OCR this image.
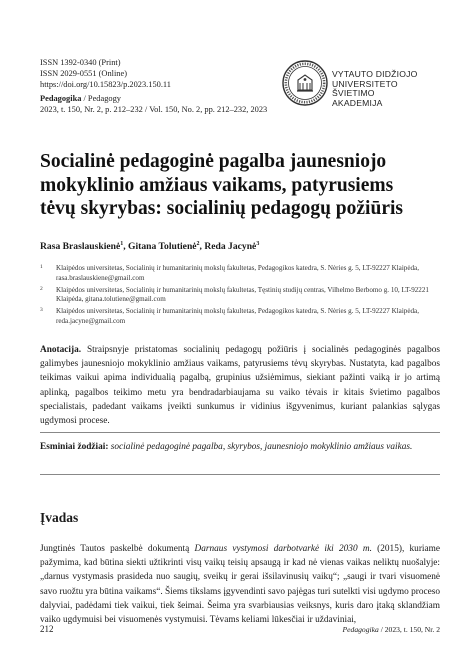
ISSN 1392-0340 (Print)
ISSN 2029-0551 (Online)
https://doi.org/10.15823/p.2023.150.11
Pedagogika / Pedagogy
2023, t. 150, Nr. 2, p. 212–232 / Vol. 150, No. 2, pp. 212–232, 2023
VYTAUTO DIDŽIOJO
UNIVERSITETO
ŠVIETIMO
AKADEMIJA
Socialinė pedagoginė pagalba jaunesniojo
mokyklinio amžiaus vaikams, patyrusiems
tėvų skyrybas: socialinių pedagogų požiūris
Rasa Braslauskienė$^1$, Gitana Tolutienė$^2$, Reda Jacynė$^3$
1 Klaipėdos universitetas, Socialinių ir humanitarinių mokslų fakultetas, Pedagogikos katedra, S. Nėries g. 5, LT-92227 Klaipėda, rasa.braslauskiene@gmail.com
2 Klaipėdos universitetas, Socialinių ir humanitarinių mokslų fakultetas, Tęstinių studijų centras, Vilhelmo Berbomo g. 10, LT-92221 Klaipėda, gitana.tolutiene@gmail.com
3 Klaipėdos universitetas, Socialinių ir humanitarinių mokslų fakultetas, Pedagogikos katedra, S. Nėries g. 5, LT-92227 Klaipėda, reda.jacyne@gmail.com
Anotacija. Straipsnyje pristatomas socialinių pedagogų požiūris į socialinės pedagoginės pagalbos galimybes jaunesniojo mokyklinio amžiaus vaikams, patyrusiems tėvų skyrybas. Nustatyta, kad pagalbos teikimas vaikui apima individualią pagalbą, grupinius užsiėmimus, siekiant pažinti vaiką ir jo artimą aplinką, pagalbos teikimo metu yra bendradarbiaujama su vaiko tėvais ir kitais švietimo pagalbos specialistais, padedant vaikams įveikti sunkumus ir vidinius išgyvenimus, kuriant palankias sąlygas ugdymosi procese.
Esminiai žodžiai: socialinė pedagoginė pagalba, skyrybos, jaunesniojo mokyklinio amžiaus vaikas.
Įvadas
Jungtinės Tautos paskelbė dokumentą Darnaus vystymosi darbotvarkė iki 2030 m. (2015), kuriame pažymima, kad būtina siekti užtikrinti visų vaikų teisių apsaugą ir kad nė vienas vaikas neliktų nuošalyje: „darnus vystymasis prasideda nuo saugių, sveikų ir gerai išsilavinusių vaikų“; „saugi ir tvari visuomenė savo ruožtu yra būtina vaikams“. Šiems tikslams įgyvendinti savo pajėgas turi sutelkti visi ugdymo proceso dalyviai, padėdami tiek vaikui, tiek šeimai. Šeima yra svarbiausias veiksnys, kuris daro įtaką sklandžiam vaiko ugdymuisi bei visuomenės vystymuisi. Tėvams keliami lūkesčiai ir uždaviniai,
212	Pedagogika / 2023, t. 150, Nr. 2
